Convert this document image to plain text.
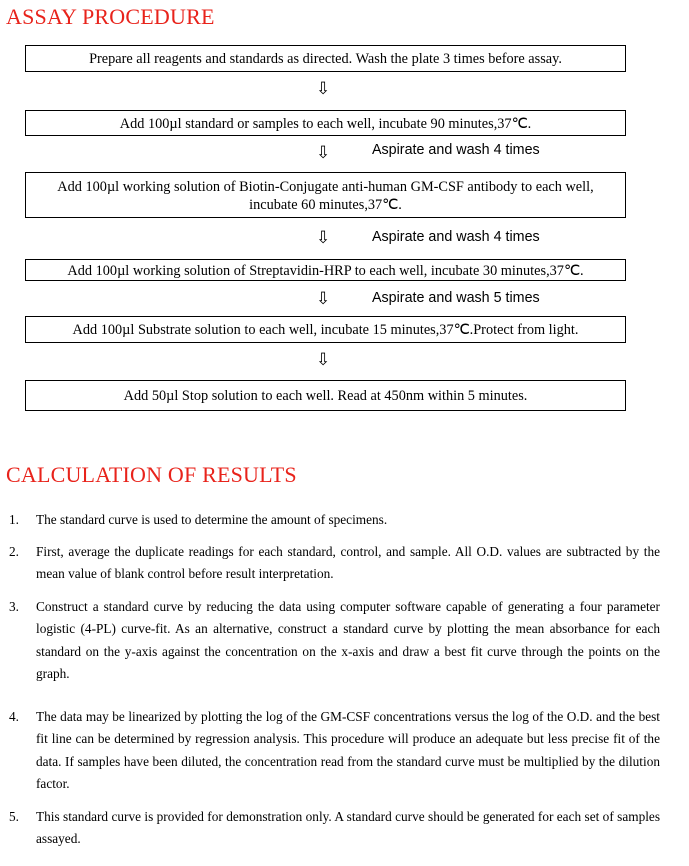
ASSAY PROCEDURE
Prepare all reagents and standards as directed. Wash the plate 3 times before assay.
⇩
Add 100µl standard or samples to each well, incubate 90 minutes,37℃.
⇩	Aspirate and wash 4 times
Add 100µl working solution of Biotin-Conjugate anti-human GM-CSF antibody to each well, incubate 60 minutes,37℃.
⇩	Aspirate and wash 4 times
Add 100µl working solution of Streptavidin-HRP to each well, incubate 30 minutes,37℃.
⇩	Aspirate and wash 5 times
Add 100µl Substrate solution to each well, incubate 15 minutes,37℃.Protect from light.
⇩
Add 50µl Stop solution to each well. Read at 450nm within 5 minutes.
CALCULATION OF RESULTS
1. The standard curve is used to determine the amount of specimens.
2. First, average the duplicate readings for each standard, control, and sample. All O.D. values are subtracted by the mean value of blank control before result interpretation.
3. Construct a standard curve by reducing the data using computer software capable of generating a four parameter logistic (4-PL) curve-fit. As an alternative, construct a standard curve by plotting the mean absorbance for each standard on the y-axis against the concentration on the x-axis and draw a best fit curve through the points on the graph.
4. The data may be linearized by plotting the log of the GM-CSF concentrations versus the log of the O.D. and the best fit line can be determined by regression analysis. This procedure will produce an adequate but less precise fit of the data. If samples have been diluted, the concentration read from the standard curve must be multiplied by the dilution factor.
5. This standard curve is provided for demonstration only. A standard curve should be generated for each set of samples assayed.
